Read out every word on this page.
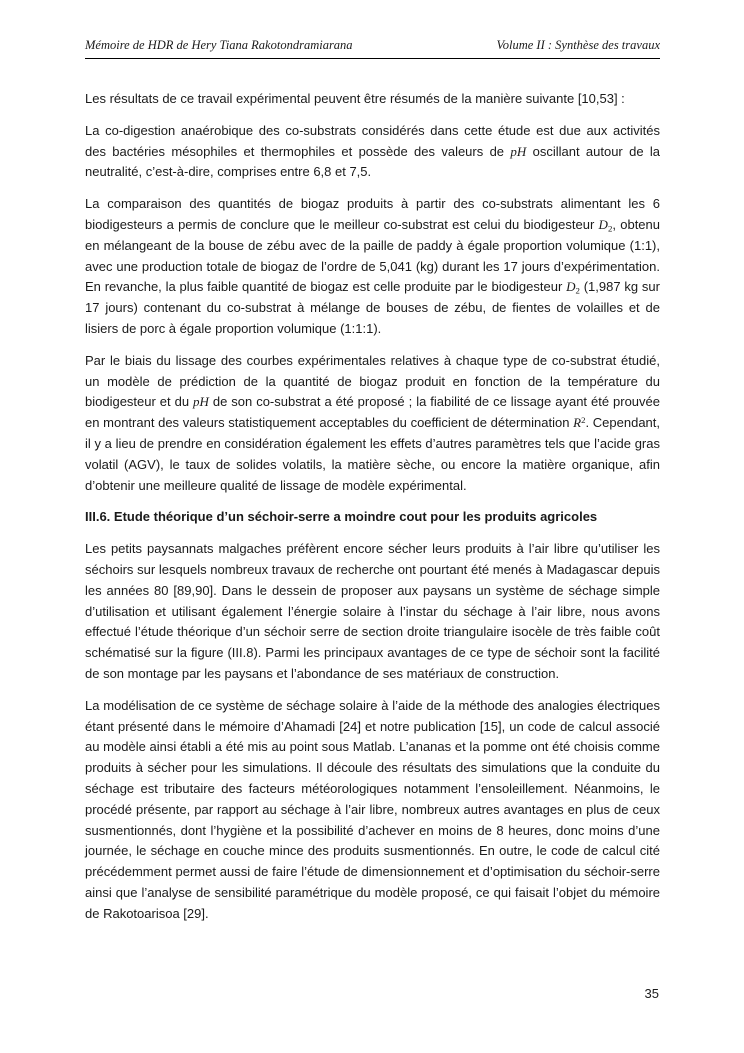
Mémoire de HDR de Hery Tiana Rakotondramiarana	Volume II : Synthèse des travaux

Les résultats de ce travail expérimental peuvent être résumés de la manière suivante [10,53] :

La co-digestion anaérobique des co-substrats considérés dans cette étude est due aux activités des bactéries mésophiles et thermophiles et possède des valeurs de pH oscillant autour de la neutralité, c’est-à-dire, comprises entre 6,8 et 7,5.

La comparaison des quantités de biogaz produits à partir des co-substrats alimentant les 6 biodigesteurs a permis de conclure que le meilleur co-substrat est celui du biodigesteur D2, obtenu en mélangeant de la bouse de zébu avec de la paille de paddy à égale proportion volumique (1:1), avec une production totale de biogaz de l’ordre de 5,041 (kg) durant les 17 jours d’expérimentation. En revanche, la plus faible quantité de biogaz est celle produite par le biodigesteur D2 (1,987 kg sur 17 jours) contenant du co-substrat à mélange de bouses de zébu, de fientes de volailles et de lisiers de porc à égale proportion volumique (1:1:1).

Par le biais du lissage des courbes expérimentales relatives à chaque type de co-substrat étudié, un modèle de prédiction de la quantité de biogaz produit en fonction de la température du biodigesteur et du pH de son co-substrat a été proposé ; la fiabilité de ce lissage ayant été prouvée en montrant des valeurs statistiquement acceptables du coefficient de détermination $R^2$. Cependant, il y a lieu de prendre en considération également les effets d’autres paramètres tels que l’acide gras volatil (AGV), le taux de solides volatils, la matière sèche, ou encore la matière organique, afin d’obtenir une meilleure qualité de lissage de modèle expérimental.

III.6. Etude théorique d’un séchoir-serre a moindre cout pour les produits agricoles

Les petits paysannats malgaches préfèrent encore sécher leurs produits à l’air libre qu’utiliser les séchoirs sur lesquels nombreux travaux de recherche ont pourtant été menés à Madagascar depuis les années 80 [89,90]. Dans le dessein de proposer aux paysans un système de séchage simple d’utilisation et utilisant également l’énergie solaire à l’instar du séchage à l’air libre, nous avons effectué l’étude théorique d’un séchoir serre de section droite triangulaire isocèle de très faible coût schématisé sur la figure (III.8). Parmi les principaux avantages de ce type de séchoir sont la facilité de son montage par les paysans et l’abondance de ses matériaux de construction.

La modélisation de ce système de séchage solaire à l’aide de la méthode des analogies électriques étant présenté dans le mémoire d’Ahamadi [24] et notre publication [15], un code de calcul associé au modèle ainsi établi a été mis au point sous Matlab. L’ananas et la pomme ont été choisis comme produits à sécher pour les simulations. Il découle des résultats des simulations que la conduite du séchage est tributaire des facteurs météorologiques notamment l’ensoleillement. Néanmoins, le procédé présente, par rapport au séchage à l’air libre, nombreux autres avantages en plus de ceux susmentionnés, dont l’hygiène et la possibilité d’achever en moins de 8 heures, donc moins d’une journée, le séchage en couche mince des produits susmentionnés. En outre, le code de calcul cité précédemment permet aussi de faire l’étude de dimensionnement et d’optimisation du séchoir-serre ainsi que l’analyse de sensibilité paramétrique du modèle proposé, ce qui faisait l’objet du mémoire de Rakotoarisoa [29].

35
